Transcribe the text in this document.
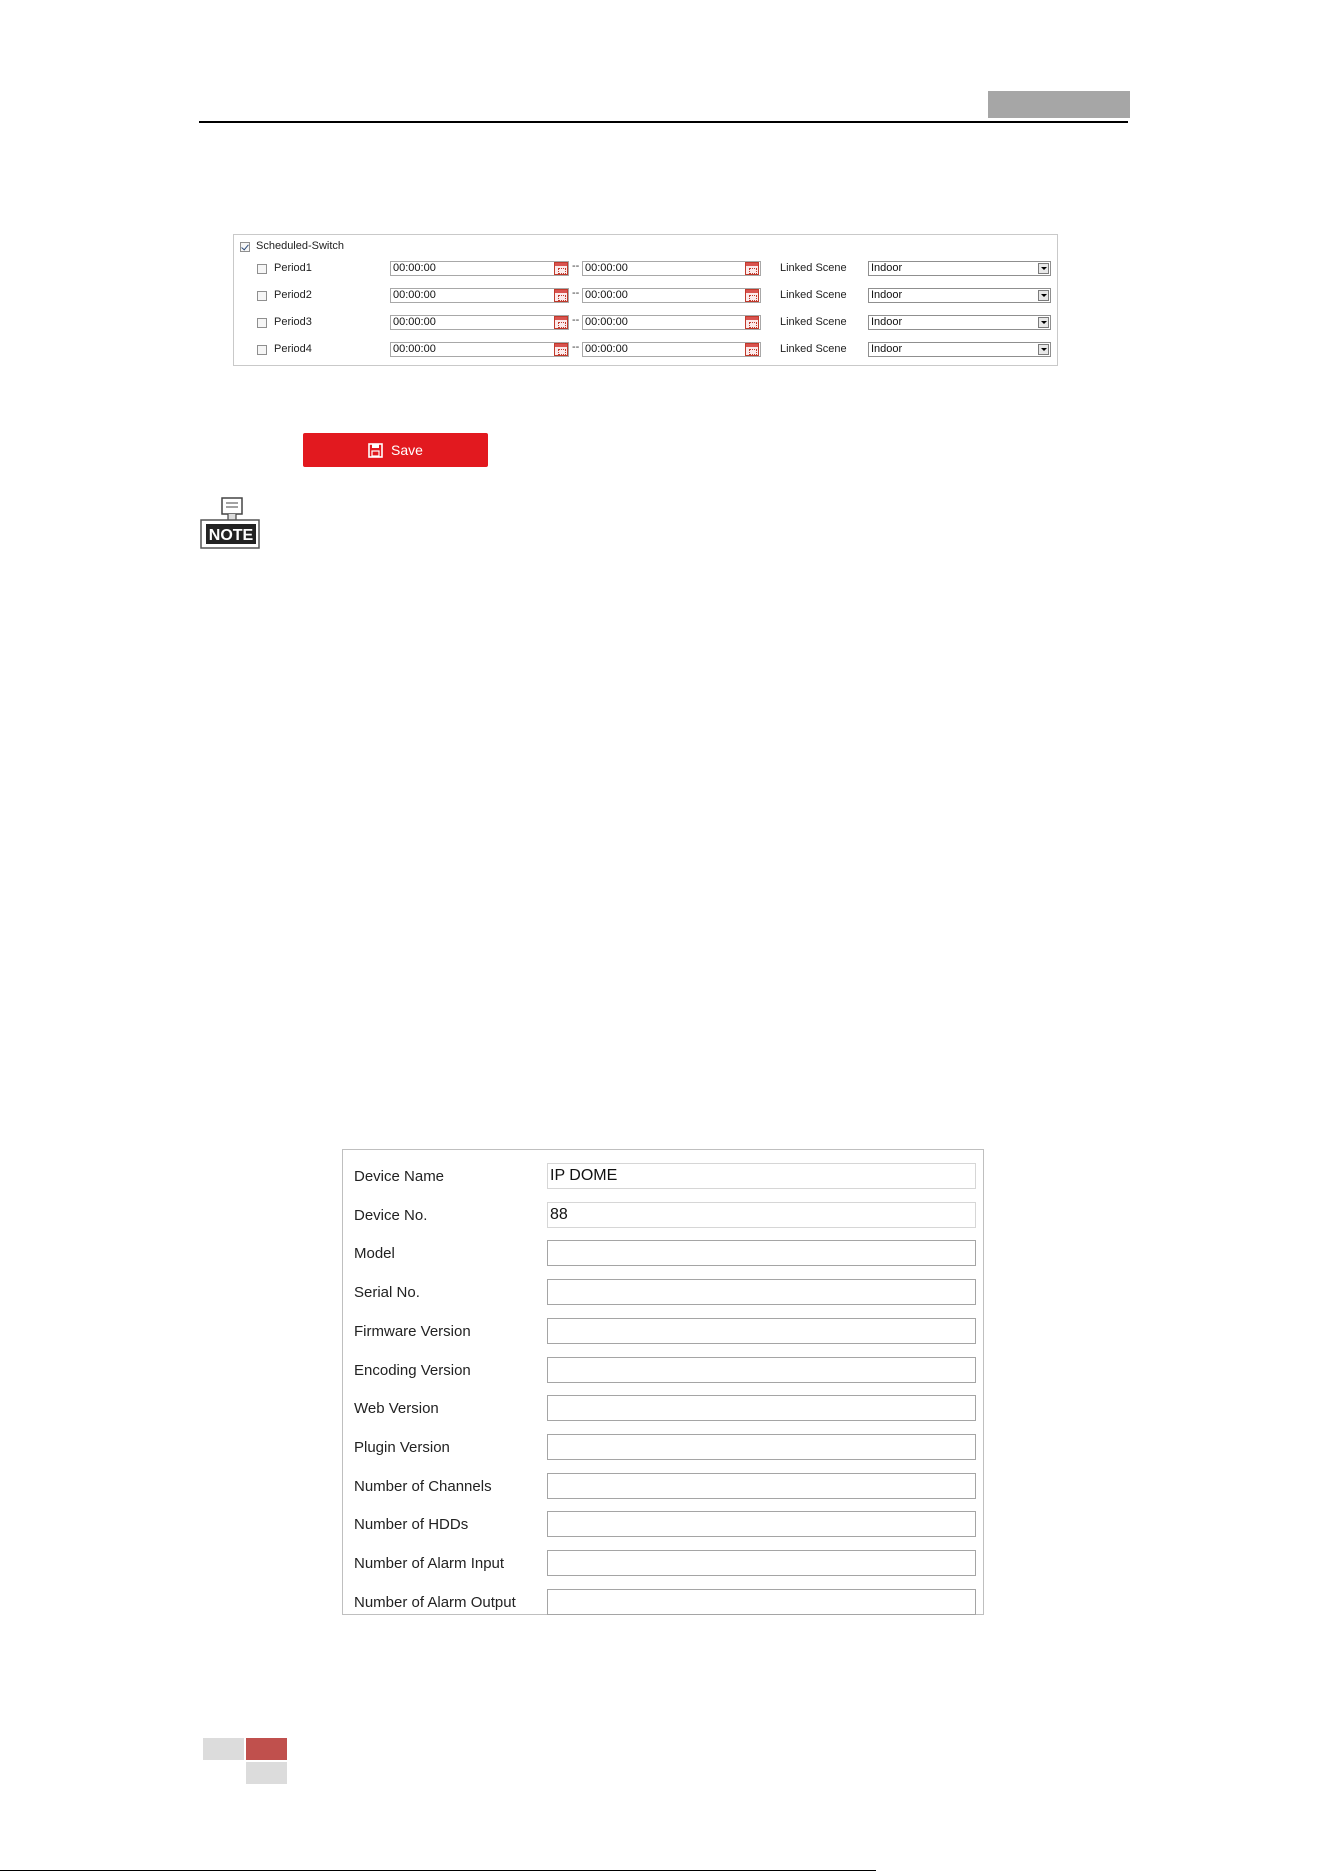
Scheduled-Switch
Period1	00:00:00	-- 00:00:00	Linked Scene Indoor
Period2	00:00:00	-- 00:00:00	Linked Scene Indoor
Period3	00:00:00	-- 00:00:00	Linked Scene Indoor
Period4	00:00:00	-- 00:00:00	Linked Scene Indoor
Save
NOTE
Device Name	IP DOME
Device No.	88
Model
Serial No.
Firmware Version
Encoding Version
Web Version
Plugin Version
Number of Channels
Number of HDDs
Number of Alarm Input
Number of Alarm Output
